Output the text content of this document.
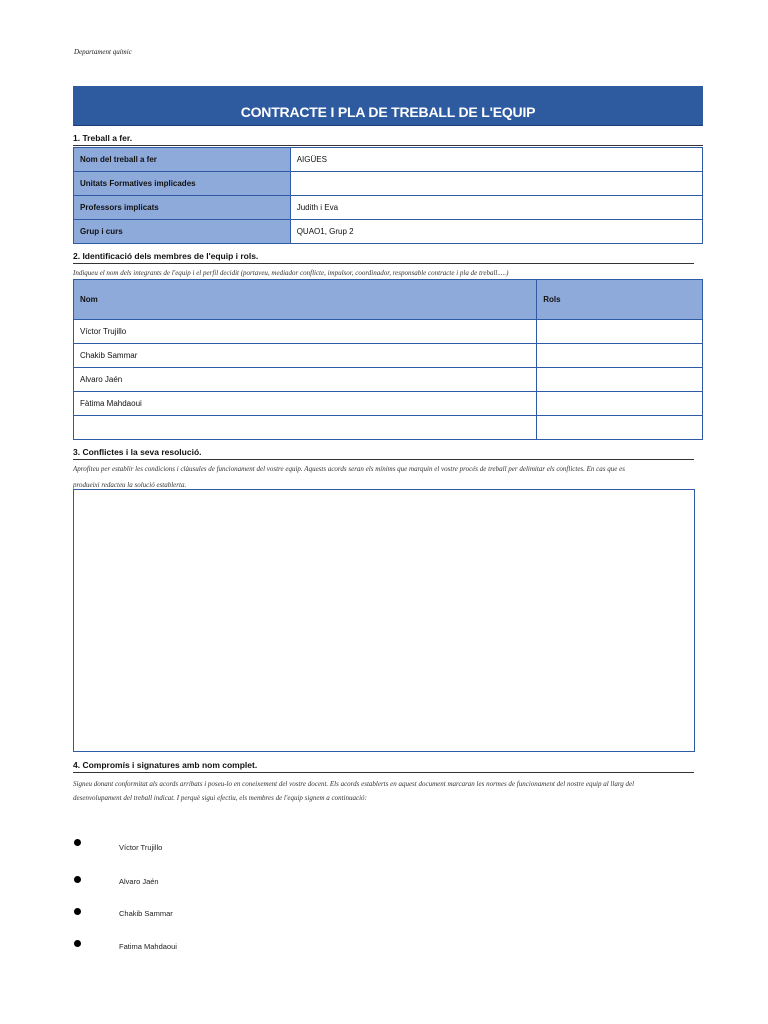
Departament químic
CONTRACTE I PLA DE TREBALL DE L'EQUIP
1. Treball a fer.
Nom del treball a fer	AIGÜES
Unitats Formatives implicades	
Professors implicats	Judith i Eva
Grup i curs	QUAO1, Grup 2
2. Identificació dels membres de l'equip i rols.
Indiqueu el nom dels integrants de l'equip i el perfil decidit (portaveu, mediador conflicte, impulsor, coordinador, responsable contracte i pla de treball.....)
Nom	Rols
Víctor Trujillo	
Chakib Sammar	
Alvaro Jaén	
Fàtima Mahdaoui	

3. Conflictes i la seva resolució.
Aprofiteu per establir les condicions i clàusules de funcionament del vostre equip. Aquests acords seran els mínims que marquin el vostre procés de treball per delimitar els conflictes. En cas que es
produeixi redacteu la solució establerta.
4. Compromís i signatures amb nom complet.
Signeu donant conformitat als acords arribats i poseu-lo en coneixement del vostre docent. Els acords establerts en aquest document marcaran les normes de funcionament del nostre equip al llarg del
desenvolupament del treball indicat. I perquè sigui efectiu, els membres de l'equip signem a continuació:
Víctor Trujillo
Alvaro Jaén
Chakib Sammar
Fatima Mahdaoui
